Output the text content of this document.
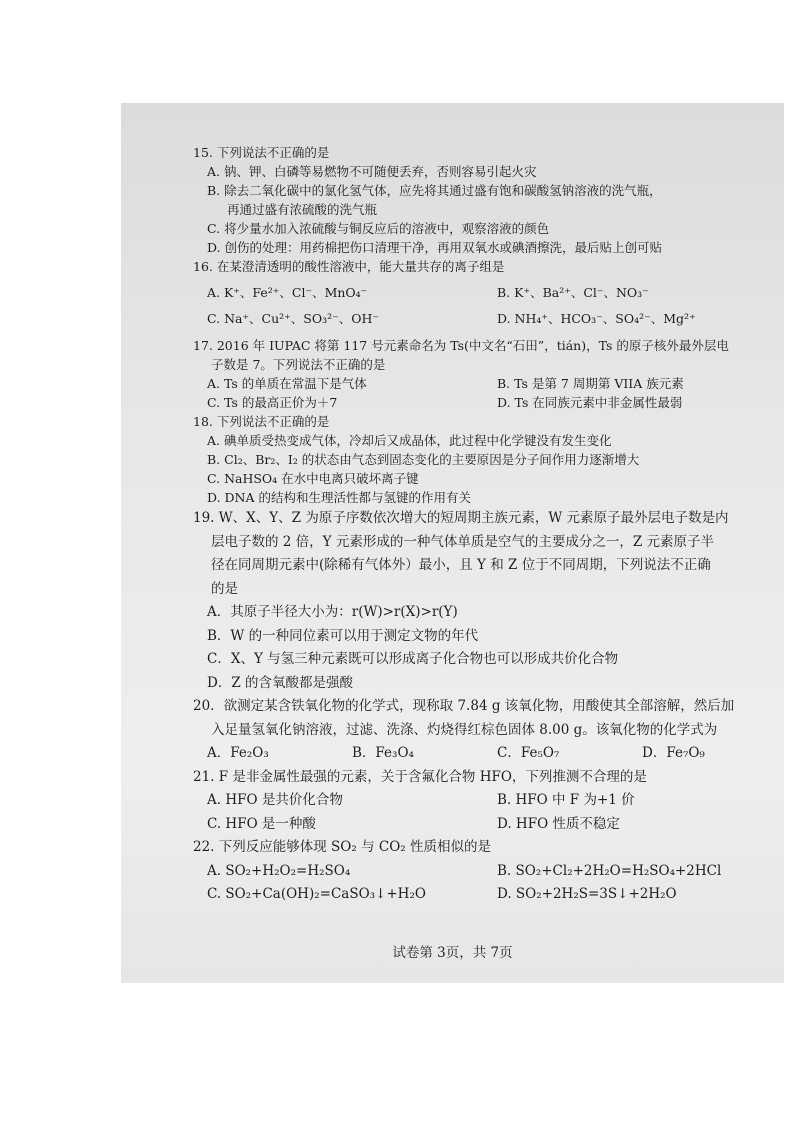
15. 下列说法不正确的是
A. 钠、钾、白磷等易燃物不可随便丢弃，否则容易引起火灾
B. 除去二氧化碳中的氯化氢气体，应先将其通过盛有饱和碳酸氢钠溶液的洗气瓶，
再通过盛有浓硫酸的洗气瓶
C. 将少量水加入浓硫酸与铜反应后的溶液中，观察溶液的颜色
D. 创伤的处理：用药棉把伤口清理干净，再用双氧水或碘酒擦洗，最后贴上创可贴
16. 在某澄清透明的酸性溶液中，能大量共存的离子组是
A. K⁺、Fe²⁺、Cl⁻、MnO₄⁻	B. K⁺、Ba²⁺、Cl⁻、NO₃⁻
C. Na⁺、Cu²⁺、SO₃²⁻、OH⁻	D. NH₄⁺、HCO₃⁻、SO₄²⁻、Mg²⁺
17. 2016 年 IUPAC 将第 117 号元素命名为 Ts(中文名“石田”，tián)，Ts 的原子核外最外层电
子数是 7。下列说法不正确的是
A. Ts 的单质在常温下是气体	B. Ts 是第 7 周期第 VIIA 族元素
C. Ts 的最高正价为＋7	D. Ts 在同族元素中非金属性最弱
18. 下列说法不正确的是
A. 碘单质受热变成气体，冷却后又成晶体，此过程中化学键没有发生变化
B. Cl₂、Br₂、I₂ 的状态由气态到固态变化的主要原因是分子间作用力逐渐增大
C. NaHSO₄ 在水中电离只破坏离子键
D. DNA 的结构和生理活性都与氢键的作用有关
19. W、X、Y、Z 为原子序数依次增大的短周期主族元素，W 元素原子最外层电子数是内
层电子数的 2 倍，Y 元素形成的一种气体单质是空气的主要成分之一，Z 元素原子半
径在同周期元素中(除稀有气体外）最小，且 Y 和 Z 位于不同周期，下列说法不正确
的是
A．其原子半径大小为：r(W)>r(X)>r(Y)
B．W 的一种同位素可以用于测定文物的年代
C．X、Y 与氢三种元素既可以形成离子化合物也可以形成共价化合物
D．Z 的含氧酸都是强酸
20．欲测定某含铁氧化物的化学式，现称取 7.84 g 该氧化物，用酸使其全部溶解，然后加
入足量氢氧化钠溶液，过滤、洗涤、灼烧得红棕色固体 8.00 g。该氧化物的化学式为
A．Fe₂O₃	B．Fe₃O₄	C．Fe₅O₇	D．Fe₇O₉
21. F 是非金属性最强的元素，关于含氟化合物 HFO，下列推测不合理的是
A. HFO 是共价化合物	B. HFO 中 F 为+1 价
C. HFO 是一种酸	D. HFO 性质不稳定
22. 下列反应能够体现 SO₂ 与 CO₂ 性质相似的是
A. SO₂+H₂O₂=H₂SO₄	B. SO₂+Cl₂+2H₂O=H₂SO₄+2HCl
C. SO₂+Ca(OH)₂=CaSO₃↓+H₂O	D. SO₂+2H₂S=3S↓+2H₂O
试卷第 3页，共 7页
